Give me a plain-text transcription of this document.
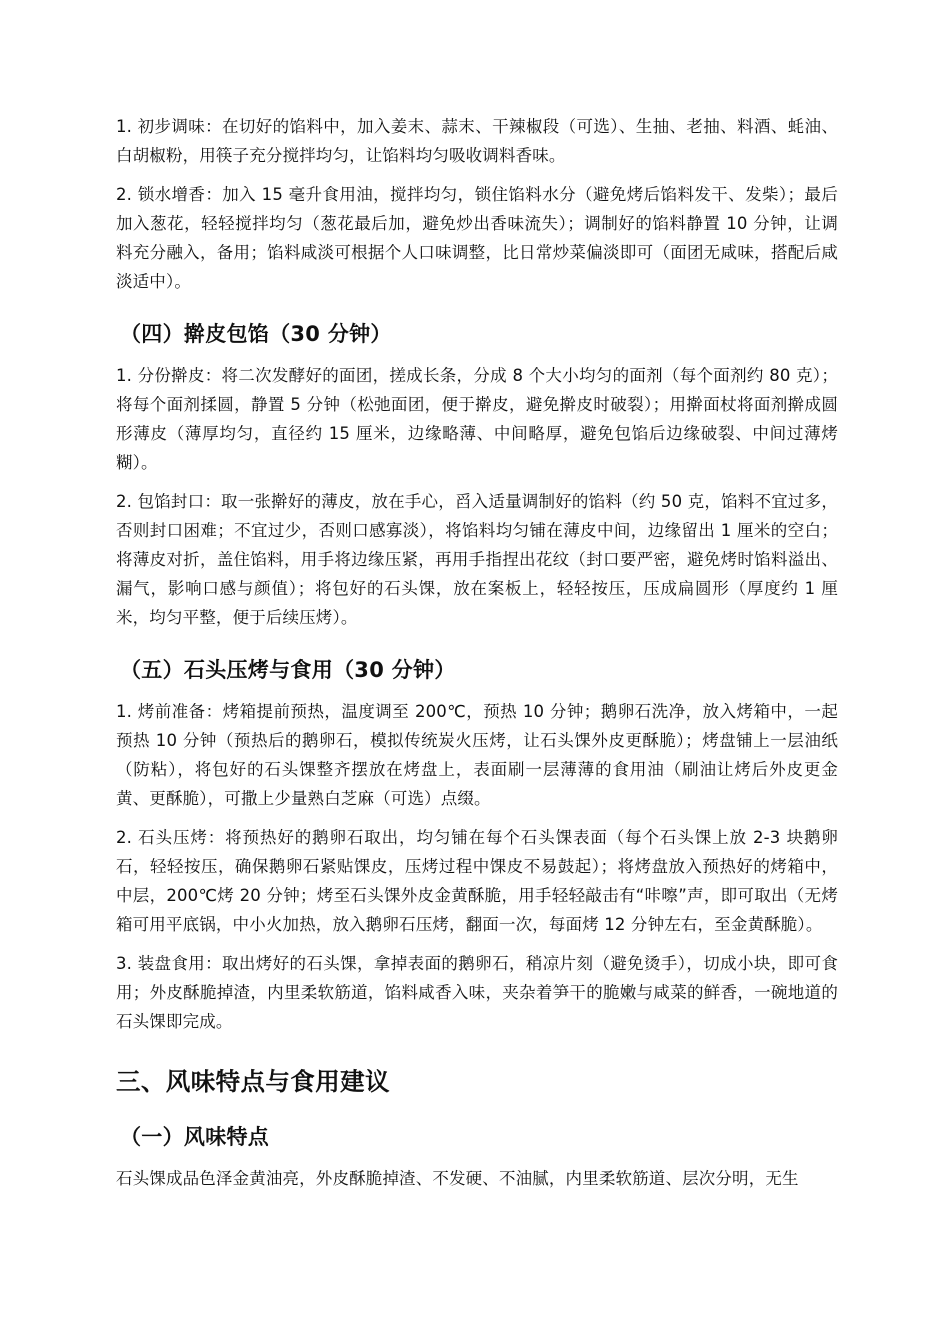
1. 初步调味：在切好的馅料中，加入姜末、蒜末、干辣椒段（可选）、生抽、老抽、料酒、蚝油、白胡椒粉，用筷子充分搅拌均匀，让馅料均匀吸收调料香味。

2. 锁水增香：加入 15 毫升食用油，搅拌均匀，锁住馅料水分（避免烤后馅料发干、发柴）；最后加入葱花，轻轻搅拌均匀（葱花最后加，避免炒出香味流失）；调制好的馅料静置 10 分钟，让调料充分融入，备用；馅料咸淡可根据个人口味调整，比日常炒菜偏淡即可（面团无咸味，搭配后咸淡适中）。

（四）擀皮包馅（30 分钟）

1. 分份擀皮：将二次发酵好的面团，搓成长条，分成 8 个大小均匀的面剂（每个面剂约 80 克）；将每个面剂揉圆，静置 5 分钟（松弛面团，便于擀皮，避免擀皮时破裂）；用擀面杖将面剂擀成圆形薄皮（薄厚均匀，直径约 15 厘米，边缘略薄、中间略厚，避免包馅后边缘破裂、中间过薄烤糊）。

2. 包馅封口：取一张擀好的薄皮，放在手心，舀入适量调制好的馅料（约 50 克，馅料不宜过多，否则封口困难；不宜过少，否则口感寡淡），将馅料均匀铺在薄皮中间，边缘留出 1 厘米的空白；将薄皮对折，盖住馅料，用手将边缘压紧，再用手指捏出花纹（封口要严密，避免烤时馅料溢出、漏气，影响口感与颜值）；将包好的石头馃，放在案板上，轻轻按压，压成扁圆形（厚度约 1 厘米，均匀平整，便于后续压烤）。

（五）石头压烤与食用（30 分钟）

1. 烤前准备：烤箱提前预热，温度调至 200℃，预热 10 分钟；鹅卵石洗净，放入烤箱中，一起预热 10 分钟（预热后的鹅卵石，模拟传统炭火压烤，让石头馃外皮更酥脆）；烤盘铺上一层油纸（防粘），将包好的石头馃整齐摆放在烤盘上，表面刷一层薄薄的食用油（刷油让烤后外皮更金黄、更酥脆），可撒上少量熟白芝麻（可选）点缀。

2. 石头压烤：将预热好的鹅卵石取出，均匀铺在每个石头馃表面（每个石头馃上放 2-3 块鹅卵石，轻轻按压，确保鹅卵石紧贴馃皮，压烤过程中馃皮不易鼓起）；将烤盘放入预热好的烤箱中，中层，200℃烤 20 分钟；烤至石头馃外皮金黄酥脆，用手轻轻敲击有“咔嚓”声，即可取出（无烤箱可用平底锅，中小火加热，放入鹅卵石压烤，翻面一次，每面烤 12 分钟左右，至金黄酥脆）。

3. 装盘食用：取出烤好的石头馃，拿掉表面的鹅卵石，稍凉片刻（避免烫手），切成小块，即可食用；外皮酥脆掉渣，内里柔软筋道，馅料咸香入味，夹杂着笋干的脆嫩与咸菜的鲜香，一碗地道的石头馃即完成。

三、风味特点与食用建议
（一）风味特点

石头馃成品色泽金黄油亮，外皮酥脆掉渣、不发硬、不油腻，内里柔软筋道、层次分明，无生
